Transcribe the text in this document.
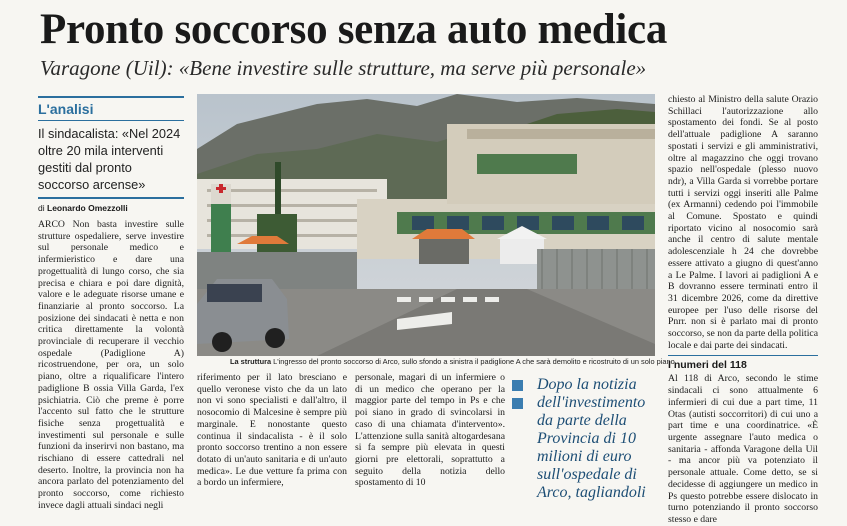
Pronto soccorso senza auto medica
Varagone (Uil): «Bene investire sulle strutture, ma serve più personale»
L'analisi
Il sindacalista: «Nel 2024 oltre 20 mila interventi gestiti dal pronto soccorso arcense»
di Leonardo Omezzolli
ARCO Non basta investire sulle strutture ospedaliere, serve investire sul personale medico e infermieristico e dare una progettualità di lungo corso, che sia precisa e chiara e poi dare dignità, valore e le adeguate risorse umane e finanziarie al pronto soccorso. La posizione dei sindacati è netta e non critica direttamente la volontà provinciale di recuperare il vecchio ospedale (Padiglione A) ricostruendone, per ora, un solo piano, oltre a riqualificare l'intero padiglione B ossia Villa Garda, l'ex psichiatria. Ciò che preme è porre l'accento sul fatto che le strutture fisiche senza progettualità e investimenti sul personale e sulle funzioni da inserirvi non bastano, ma rischiano di essere cattedrali nel deserto. Inoltre, la provincia non ha ancora parlato del potenziamento del pronto soccorso, come richiesto invece dagli attuali sindaci negli
La struttura L'ingresso del pronto soccorso di Arco, sullo sfondo a sinistra il padiglione A che sarà demolito e ricostruito di un solo piano
riferimento per il lato bresciano e quello veronese visto che da un lato non vi sono specialisti e dall'altro, il nosocomio di Malcesine è sempre più marginale. E nonostante questo continua il sindacalista - è il solo pronto soccorso trentino a non essere dotato di un'auto sanitaria e di un'auto medica». Le due vetture fa prima con a bordo un infermiere,
personale, magari di un infermiere o di un medico che operano per la maggior parte del tempo in Ps e che poi siano in grado di svincolarsi in caso di una chiamata d'intervento». L'attenzione sulla sanità altogardesana si fa sempre più elevata in questi giorni pre elettorali, soprattutto a seguito della notizia dello spostamento di 10
Dopo la notizia dell'investimento da parte della Provincia di 10 milioni di euro sull'ospedale di Arco, tagliandoli

chiesto al Ministro della salute Orazio Schillaci l'autorizzazione allo spostamento dei fondi. Se al posto dell'attuale padiglione A saranno spostati i servizi e gli amministrativi, oltre al magazzino che oggi trovano spazio nell'ospedale (plesso nuovo ndr), a Villa Garda si vorrebbe portare tutti i servizi oggi inseriti alle Palme (ex Armanni) cedendo poi l'immobile al Comune. Spostato e quindi riportato vicino al nosocomio sarà anche il centro di salute mentale adolescenziale h 24 che dovrebbe essere attivato a giugno di quest'anno a Le Palme. I lavori ai padiglioni A e B dovranno essere terminati entro il 31 dicembre 2026, come da direttive europee per l'uso delle risorse del Pnrr. non si è parlato mai di pronto soccorso, se non da parte della politica locale e dai parte dei sindacati.

I numeri del 118

Al 118 di Arco, secondo le stime sindacali ci sono attualmente 6 infermieri di cui due a part time, 11 Otas (autisti soccorritori) di cui uno a part time e una coordinatrice. «È urgente assegnare l'auto medica o sanitaria - affonda Varagone della Uil - ma ancor più va potenziato il personale attuale. Come detto, se si decidesse di aggiungere un medico in Ps questo potrebbe essere dislocato in turno potenziando il pronto soccorso stesso e dare
